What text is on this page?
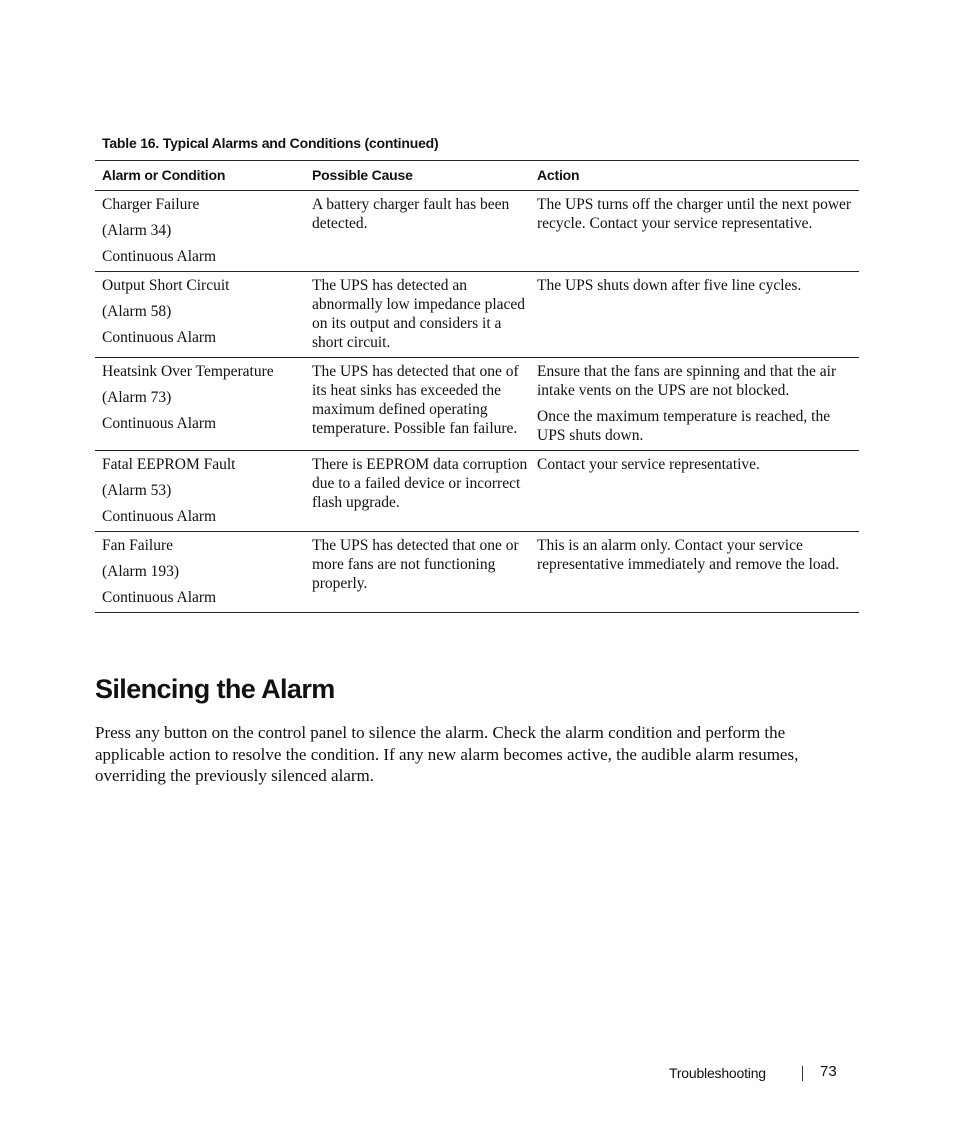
Table 16. Typical Alarms and Conditions (continued)
Alarm or Condition	Possible Cause	Action

Charger Failure
(Alarm 34)
Continuous Alarm	A battery charger fault has been detected.	The UPS turns off the charger until the next power recycle. Contact your service representative.

Output Short Circuit
(Alarm 58)
Continuous Alarm	The UPS has detected an abnormally low impedance placed on its output and considers it a short circuit.	The UPS shuts down after five line cycles.

Heatsink Over Temperature
(Alarm 73)
Continuous Alarm	The UPS has detected that one of its heat sinks has exceeded the maximum defined operating temperature. Possible fan failure.	Ensure that the fans are spinning and that the air intake vents on the UPS are not blocked.
Once the maximum temperature is reached, the UPS shuts down.

Fatal EEPROM Fault
(Alarm 53)
Continuous Alarm	There is EEPROM data corruption due to a failed device or incorrect flash upgrade.	Contact your service representative.

Fan Failure
(Alarm 193)
Continuous Alarm	The UPS has detected that one or more fans are not functioning properly.	This is an alarm only. Contact your service representative immediately and remove the load.
Silencing the Alarm

Press any button on the control panel to silence the alarm. Check the alarm condition and perform the applicable action to resolve the condition. If any new alarm becomes active, the audible alarm resumes, overriding the previously silenced alarm.

Troubleshooting	73
